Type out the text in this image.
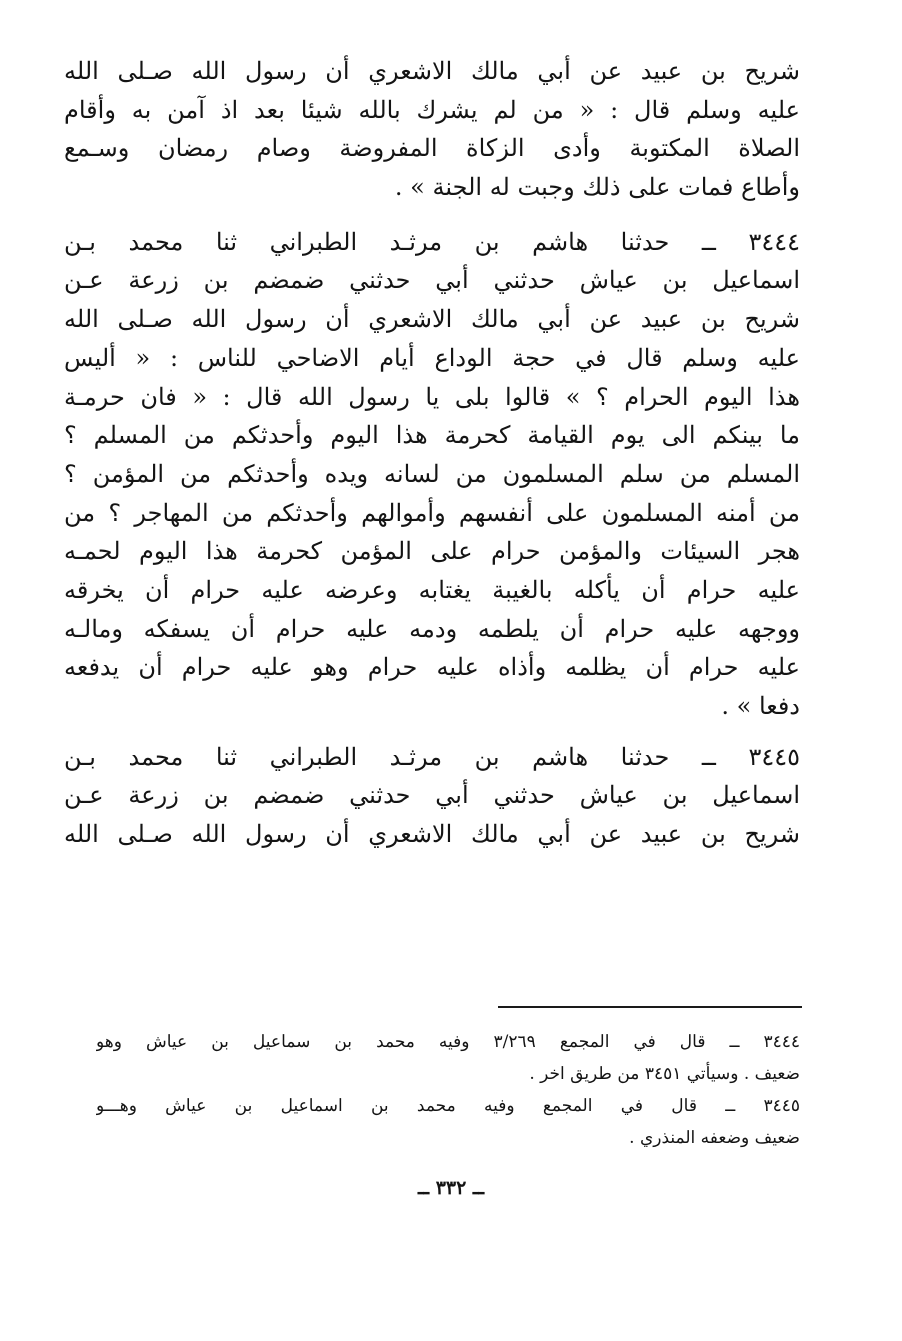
شريح بن عبيد عن أبي مالك الاشعري أن رسول الله صـلى الله
عليه وسلم قال : « من لم يشرك بالله شيئا بعد اذ آمن به وأقام
الصلاة المكتوبة وأدى الزكاة المفروضة وصام رمضان وسـمع
وأطاع فمات على ذلك وجبت له الجنة » .
٣٤٤٤ ــ حدثنا هاشم بن مرثـد الطبراني ثنا محمد بـن
اسماعيل بن عياش حدثني أبي حدثني ضمضم بن زرعة عـن
شريح بن عبيد عن أبي مالك الاشعري أن رسول الله صـلى الله
عليه وسلم قال في حجة الوداع أيام الاضاحي للناس : « أليس
هذا اليوم الحرام ؟ » قالوا بلى يا رسول الله قال : « فان حرمـة
ما بينكم الى يوم القيامة كحرمة هذا اليوم وأحدثكم من المسلم ؟
المسلم من سلم المسلمون من لسانه ويده وأحدثكم من المؤمن ؟
من أمنه المسلمون على أنفسهم وأموالهم وأحدثكم من المهاجر ؟ من
هجر السيئات والمؤمن حرام على المؤمن كحرمة هذا اليوم لحمـه
عليه حرام أن يأكله بالغيبة يغتابه وعرضه عليه حرام أن يخرقه
ووجهه عليه حرام أن يلطمه ودمه عليه حرام أن يسفكه ومالـه
عليه حرام أن يظلمه وأذاه عليه حرام وهو عليه حرام أن يدفعه
دفعا » .
٣٤٤٥ ــ حدثنا هاشم بن مرثـد الطبراني ثنا محمد بـن
اسماعيل بن عياش حدثني أبي حدثني ضمضم بن زرعة عـن
شريح بن عبيد عن أبي مالك الاشعري أن رسول الله صـلى الله
٣٤٤٤ ــ قال في المجمع ٣/٢٦٩ وفيه محمد بن سماعيل بن عياش وهو
ضعيف . وسيأتي ٣٤٥١ من طريق اخر .
٣٤٤٥ ــ قال في المجمع وفيه محمد بن اسماعيل بن عياش وهـــو
ضعيف وضعفه المنذري .
ــ ٣٣٢ ــ
